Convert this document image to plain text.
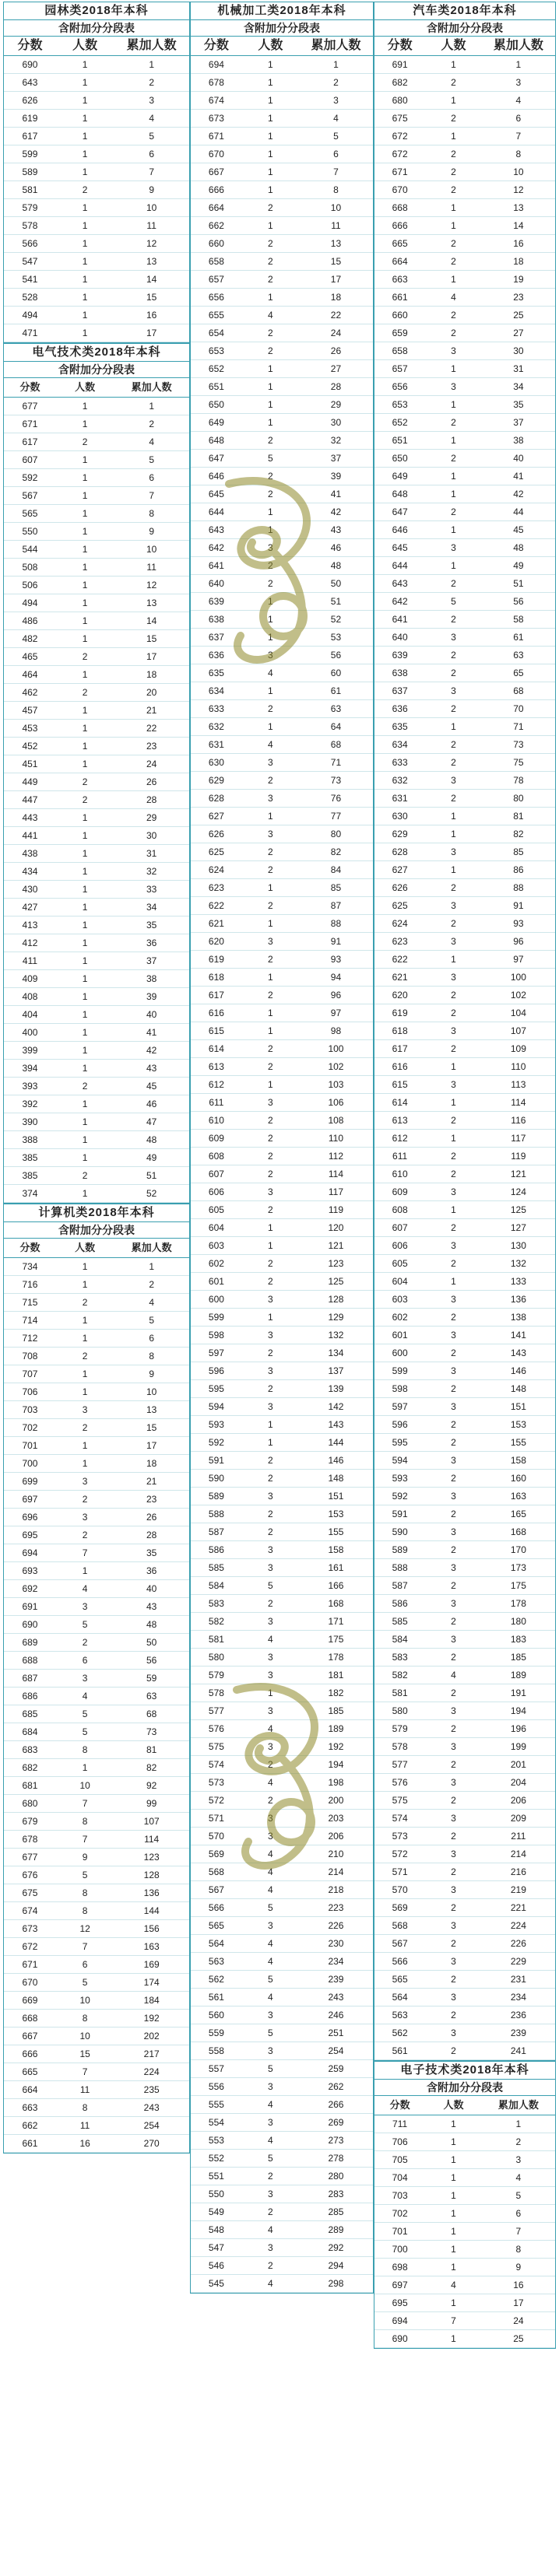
园林类2018年本科
含附加分分段表
分数	人数	累加人数
690	1	1
643	1	2
626	1	3
619	1	4
617	1	5
599	1	6
589	1	7
581	2	9
579	1	10
578	1	11
566	1	12
547	1	13
541	1	14
528	1	15
494	1	16
471	1	17
电气技术类2018年本科
含附加分分段表
分数	人数	累加人数
677	1	1
671	1	2
617	2	4
607	1	5
592	1	6
567	1	7
565	1	8
550	1	9
544	1	10
508	1	11
506	1	12
494	1	13
486	1	14
482	1	15
465	2	17
464	1	18
462	2	20
457	1	21
453	1	22
452	1	23
451	1	24
449	2	26
447	2	28
443	1	29
441	1	30
438	1	31
434	1	32
430	1	33
427	1	34
413	1	35
412	1	36
411	1	37
409	1	38
408	1	39
404	1	40
400	1	41
399	1	42
394	1	43
393	2	45
392	1	46
390	1	47
388	1	48
385	1	49
385	2	51
374	1	52
计算机类2018年本科
含附加分分段表
分数	人数	累加人数
734	1	1
716	1	2
715	2	4
714	1	5
712	1	6
708	2	8
707	1	9
706	1	10
703	3	13
702	2	15
701	1	17
700	1	18
699	3	21
697	2	23
696	3	26
695	2	28
694	7	35
693	1	36
692	4	40
691	3	43
690	5	48
689	2	50
688	6	56
687	3	59
686	4	63
685	5	68
684	5	73
683	8	81
682	1	82
681	10	92
680	7	99
679	8	107
678	7	114
677	9	123
676	5	128
675	8	136
674	8	144
673	12	156
672	7	163
671	6	169
670	5	174
669	10	184
668	8	192
667	10	202
666	15	217
665	7	224
664	11	235
663	8	243
662	11	254
661	16	270
机械加工类2018年本科
含附加分分段表
分数	人数	累加人数
694	1	1
678	1	2
674	1	3
673	1	4
671	1	5
670	1	6
667	1	7
666	1	8
664	2	10
662	1	11
660	2	13
658	2	15
657	2	17
656	1	18
655	4	22
654	2	24
653	2	26
652	1	27
651	1	28
650	1	29
649	1	30
648	2	32
647	5	37
646	2	39
645	2	41
644	1	42
643	1	43
642	3	46
641	2	48
640	2	50
639	1	51
638	1	52
637	1	53
636	3	56
635	4	60
634	1	61
633	2	63
632	1	64
631	4	68
630	3	71
629	2	73
628	3	76
627	1	77
626	3	80
625	2	82
624	2	84
623	1	85
622	2	87
621	1	88
620	3	91
619	2	93
618	1	94
617	2	96
616	1	97
615	1	98
614	2	100
613	2	102
612	1	103
611	3	106
610	2	108
609	2	110
608	2	112
607	2	114
606	3	117
605	2	119
604	1	120
603	1	121
602	2	123
601	2	125
600	3	128
599	1	129
598	3	132
597	2	134
596	3	137
595	2	139
594	3	142
593	1	143
592	1	144
591	2	146
590	2	148
589	3	151
588	2	153
587	2	155
586	3	158
585	3	161
584	5	166
583	2	168
582	3	171
581	4	175
580	3	178
579	3	181
578	1	182
577	3	185
576	4	189
575	3	192
574	2	194
573	4	198
572	2	200
571	3	203
570	3	206
569	4	210
568	4	214
567	4	218
566	5	223
565	3	226
564	4	230
563	4	234
562	5	239
561	4	243
560	3	246
559	5	251
558	3	254
557	5	259
556	3	262
555	4	266
554	3	269
553	4	273
552	5	278
551	2	280
550	3	283
549	2	285
548	4	289
547	3	292
546	2	294
545	4	298
汽车类2018年本科
含附加分分段表
分数	人数	累加人数
691	1	1
682	2	3
680	1	4
675	2	6
672	1	7
672	2	8
671	2	10
670	2	12
668	1	13
666	1	14
665	2	16
664	2	18
663	1	19
661	4	23
660	2	25
659	2	27
658	3	30
657	1	31
656	3	34
653	1	35
652	2	37
651	1	38
650	2	40
649	1	41
648	1	42
647	2	44
646	1	45
645	3	48
644	1	49
643	2	51
642	5	56
641	2	58
640	3	61
639	2	63
638	2	65
637	3	68
636	2	70
635	1	71
634	2	73
633	2	75
632	3	78
631	2	80
630	1	81
629	1	82
628	3	85
627	1	86
626	2	88
625	3	91
624	2	93
623	3	96
622	1	97
621	3	100
620	2	102
619	2	104
618	3	107
617	2	109
616	1	110
615	3	113
614	1	114
613	2	116
612	1	117
611	2	119
610	2	121
609	3	124
608	1	125
607	2	127
606	3	130
605	2	132
604	1	133
603	3	136
602	2	138
601	3	141
600	2	143
599	3	146
598	2	148
597	3	151
596	2	153
595	2	155
594	3	158
593	2	160
592	3	163
591	2	165
590	3	168
589	2	170
588	3	173
587	2	175
586	3	178
585	2	180
584	3	183
583	2	185
582	4	189
581	2	191
580	3	194
579	2	196
578	3	199
577	2	201
576	3	204
575	2	206
574	3	209
573	2	211
572	3	214
571	2	216
570	3	219
569	2	221
568	3	224
567	2	226
566	3	229
565	2	231
564	3	234
563	2	236
562	3	239
561	2	241
电子技术类2018年本科
含附加分分段表
分数	人数	累加人数
711	1	1
706	1	2
705	1	3
704	1	4
703	1	5
702	1	6
701	1	7
700	1	8
698	1	9
697	4	16
695	1	17
694	7	24
690	1	25
